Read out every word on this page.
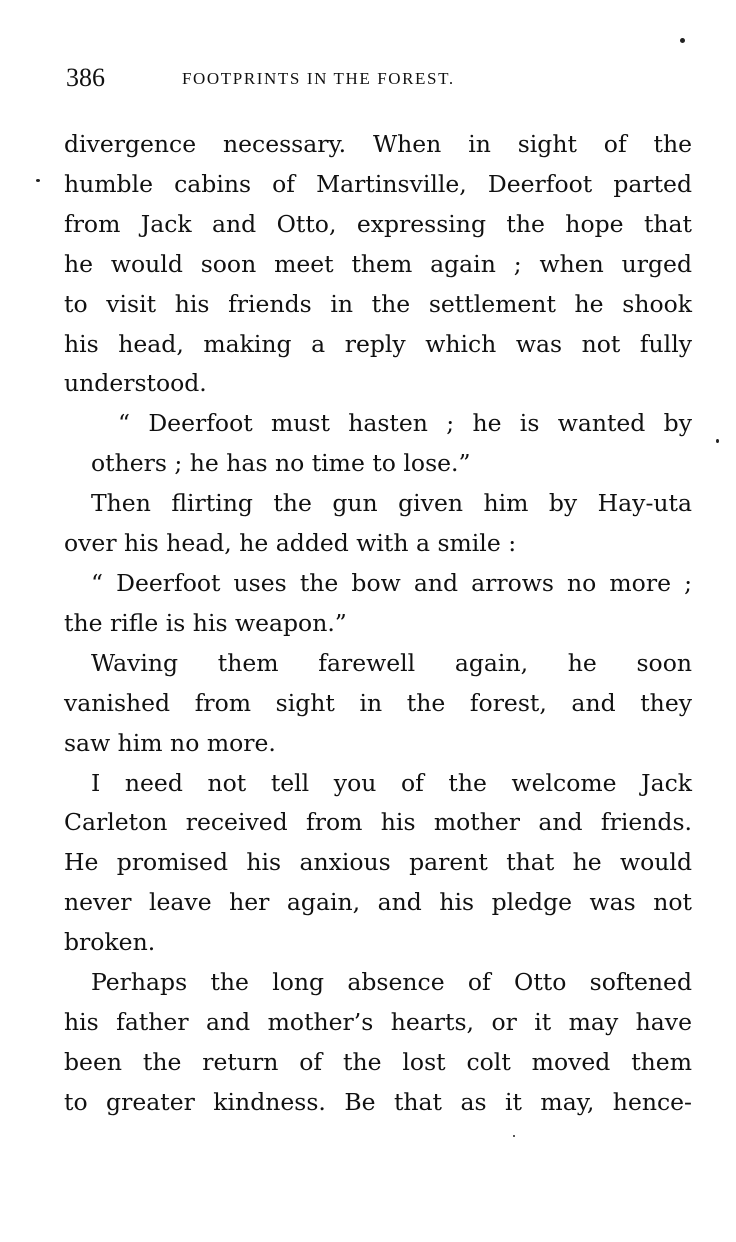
386	FOOTPRINTS IN THE FOREST.

divergence necessary. When in sight of the
humble cabins of Martinsville, Deerfoot parted
from Jack and Otto, expressing the hope that
he would soon meet them again ; when urged
to visit his friends in the settlement he shook
his head, making a reply which was not fully
understood.

“ Deerfoot must hasten ; he is wanted by
others ; he has no time to lose.”

Then flirting the gun given him by Hay-uta
over his head, he added with a smile :

“ Deerfoot uses the bow and arrows no more ;
the rifle is his weapon.”

Waving them farewell again, he soon
vanished from sight in the forest, and they
saw him no more.

I need not tell you of the welcome Jack
Carleton received from his mother and friends.
He promised his anxious parent that he would
never leave her again, and his pledge was not
broken.

Perhaps the long absence of Otto softened
his father and mother’s hearts, or it may have
been the return of the lost colt moved them
to greater kindness. Be that as it may, hence-
